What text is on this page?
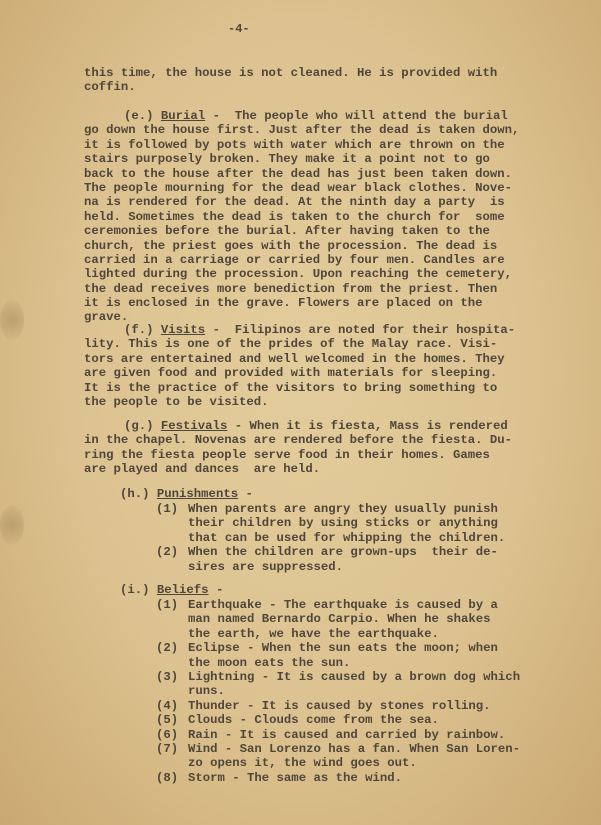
-4-
this time, the house is not cleaned. He is provided with
coffin.
(e.) Burial -  The people who will attend the burial
go down the house first. Just after the dead is taken down,
it is followed by pots with water which are thrown on the
stairs purposely broken. They make it a point not to go
back to the house after the dead has just been taken down.
The people mourning for the dead wear black clothes. Nove-
na is rendered for the dead. At the ninth day a party  is
held. Sometimes the dead is taken to the church for  some
ceremonies before the burial. After having taken to the
church, the priest goes with the procession. The dead is
carried in a carriage or carried by four men. Candles are
lighted during the procession. Upon reaching the cemetery,
the dead receives more benediction from the priest. Then
it is enclosed in the grave. Flowers are placed on the
grave.
(f.) Visits -  Filipinos are noted for their hospita-
lity. This is one of the prides of the Malay race. Visi-
tors are entertained and well welcomed in the homes. They
are given food and provided with materials for sleeping.
It is the practice of the visitors to bring something to
the people to be visited.
(g.) Festivals - When it is fiesta, Mass is rendered
in the chapel. Novenas are rendered before the fiesta. Du-
ring the fiesta people serve food in their homes. Games
are played and dances  are held.
(h.) Punishments -
(1) When parents are angry they usually punish
their children by using sticks or anything
that can be used for whipping the children.
(2) When the children are grown-ups  their de-
sires are suppressed.
(i.) Beliefs -
(1) Earthquake - The earthquake is caused by a
man named Bernardo Carpio. When he shakes
the earth, we have the earthquake.
(2) Eclipse - When the sun eats the moon; when
the moon eats the sun.
(3) Lightning - It is caused by a brown dog which
runs.
(4) Thunder - It is caused by stones rolling.
(5) Clouds - Clouds come from the sea.
(6) Rain - It is caused and carried by rainbow.
(7) Wind - San Lorenzo has a fan. When San Loren-
zo opens it, the wind goes out.
(8) Storm - The same as the wind.
